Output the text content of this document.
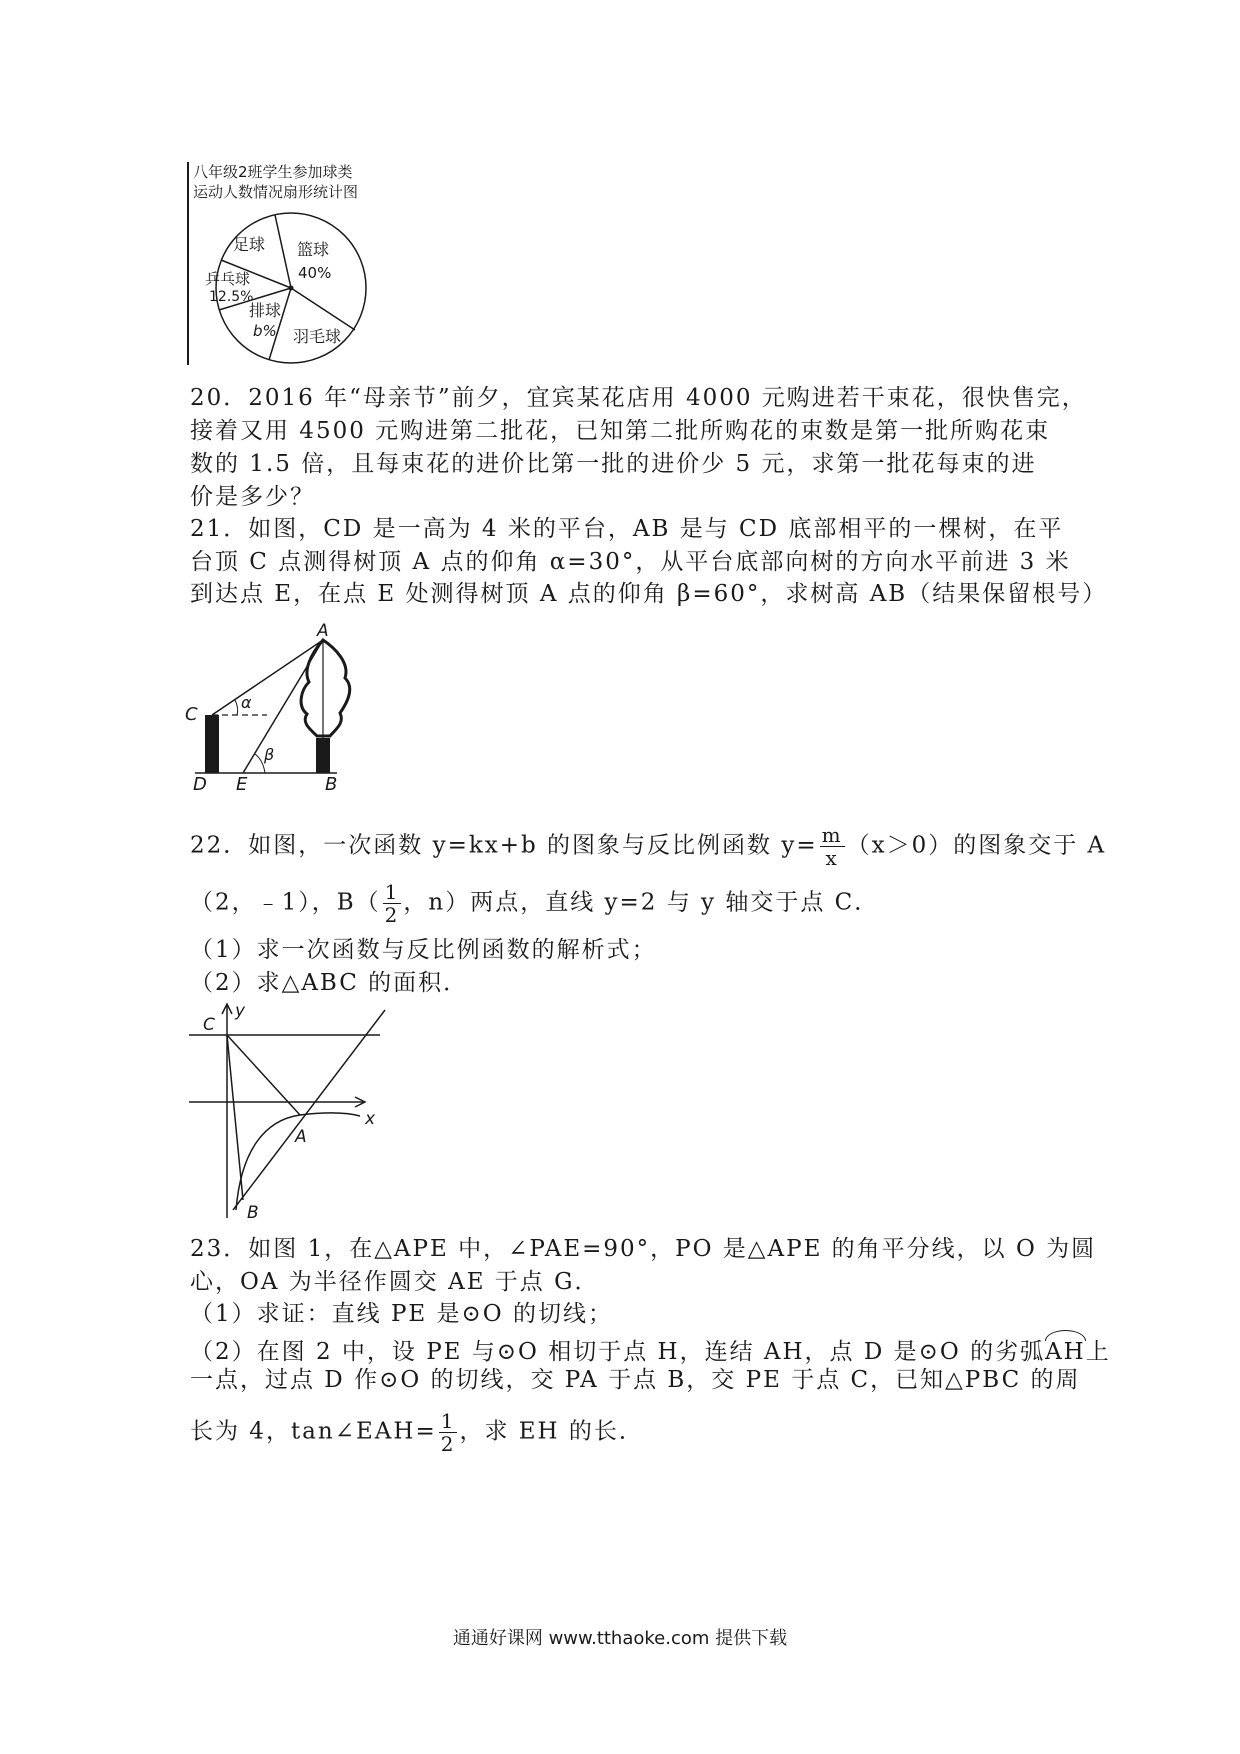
八年级2班学生参加球类
运动人数情况扇形统计图
足球 篮球
40%
乒乓球
12.5%
排球
b% 羽毛球
20．2016 年“母亲节”前夕，宜宾某花店用 4000 元购进若干束花，很快售完，
接着又用 4500 元购进第二批花，已知第二批所购花的束数是第一批所购花束
数的 1.5 倍，且每束花的进价比第一批的进价少 5 元，求第一批花每束的进
价是多少？
21．如图，CD 是一高为 4 米的平台，AB 是与 CD 底部相平的一棵树，在平
台顶 C 点测得树顶 A 点的仰角 α=30°，从平台底部向树的方向水平前进 3 米
到达点 E，在点 E 处测得树顶 A 点的仰角 β=60°，求树高 AB（结果保留根号）
A
C
D E	B
α
β
22．如图，一次函数 y=kx+b 的图象与反比例函数 $y= \frac{m}{x} (x>0)$的图象交于 A
（2，﹣1），$B( \frac{1}{2}$ ，n）两点，直线 y=2 与 y 轴交于点 C．
（1）求一次函数与反比例函数的解析式；
（2）求△ABC 的面积．
C
y
x
A
B
23．如图 1，在△APE 中，∠PAE=90°，PO 是△APE 的角平分线，以 O 为圆
心，OA 为半径作圆交 AE 于点 G．
（1）求证：直线 PE 是⊙O 的切线；
（2）在图 2 中，设 PE 与⊙O 相切于点 H，连结 AH，点 D 是⊙O 的劣弧AH上
一点，过点 D 作⊙O 的切线，交 PA 于点 B，交 PE 于点 C，已知△PBC 的周
长为 4，tan∠EAH= $\frac{1}{2}$ ，求 EH 的长．
通通好课网 www.tthaoke.com 提供下载
